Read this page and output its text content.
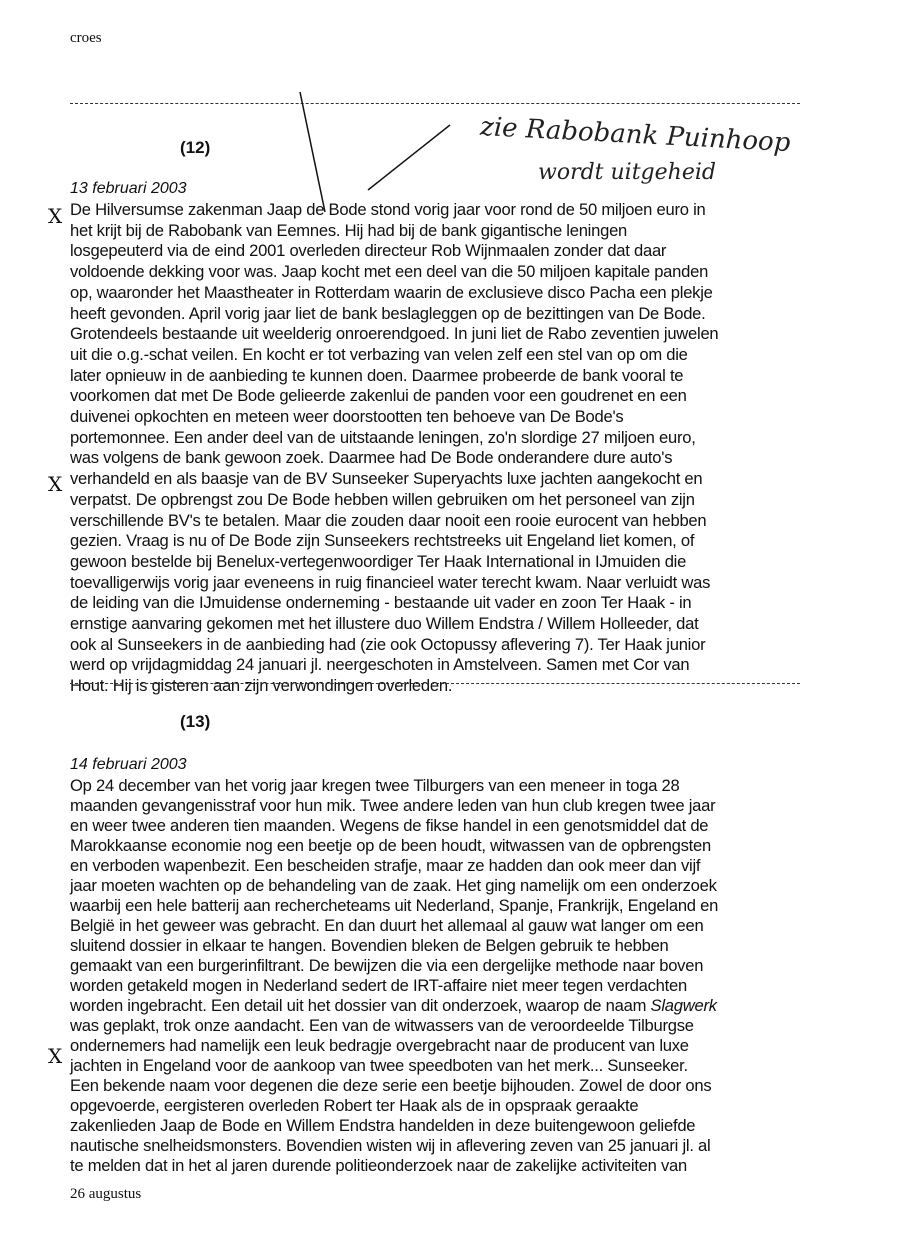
croes
zie Rabobank Puinhoop
wordt uitgeheid
(12)
13 februari 2003
De Hilversumse zakenman Jaap de Bode stond vorig jaar voor rond de 50 miljoen euro in
het krijt bij de Rabobank van Eemnes. Hij had bij de bank gigantische leningen
losgepeuterd via de eind 2001 overleden directeur Rob Wijnmaalen zonder dat daar
voldoende dekking voor was. Jaap kocht met een deel van die 50 miljoen kapitale panden
op, waaronder het Maastheater in Rotterdam waarin de exclusieve disco Pacha een plekje
heeft gevonden. April vorig jaar liet de bank beslagleggen op de bezittingen van De Bode.
Grotendeels bestaande uit weelderig onroerendgoed. In juni liet de Rabo zeventien juwelen
uit die o.g.-schat veilen. En kocht er tot verbazing van velen zelf een stel van op om die
later opnieuw in de aanbieding te kunnen doen. Daarmee probeerde de bank vooral te
voorkomen dat met De Bode gelieerde zakenlui de panden voor een goudrenet en een
duivenei opkochten en meteen weer doorstootten ten behoeve van De Bode's
portemonnee. Een ander deel van de uitstaande leningen, zo'n slordige 27 miljoen euro,
was volgens de bank gewoon zoek. Daarmee had De Bode onderandere dure auto's
verhandeld en als baasje van de BV Sunseeker Superyachts luxe jachten aangekocht en
verpatst. De opbrengst zou De Bode hebben willen gebruiken om het personeel van zijn
verschillende BV's te betalen. Maar die zouden daar nooit een rooie eurocent van hebben
gezien. Vraag is nu of De Bode zijn Sunseekers rechtstreeks uit Engeland liet komen, of
gewoon bestelde bij Benelux-vertegenwoordiger Ter Haak International in IJmuiden die
toevalligerwijs vorig jaar eveneens in ruig financieel water terecht kwam. Naar verluidt was
de leiding van die IJmuidense onderneming - bestaande uit vader en zoon Ter Haak - in
ernstige aanvaring gekomen met het illustere duo Willem Endstra / Willem Holleeder, dat
ook al Sunseekers in de aanbieding had (zie ook Octopussy aflevering 7). Ter Haak junior
werd op vrijdagmiddag 24 januari jl. neergeschoten in Amstelveen. Samen met Cor van
Hout. Hij is gisteren aan zijn verwondingen overleden.
X
X
(13)
14 februari 2003
Op 24 december van het vorig jaar kregen twee Tilburgers van een meneer in toga 28
maanden gevangenisstraf voor hun mik. Twee andere leden van hun club kregen twee jaar
en weer twee anderen tien maanden. Wegens de fikse handel in een genotsmiddel dat de
Marokkaanse economie nog een beetje op de been houdt, witwassen van de opbrengsten
en verboden wapenbezit. Een bescheiden strafje, maar ze hadden dan ook meer dan vijf
jaar moeten wachten op de behandeling van de zaak. Het ging namelijk om een onderzoek
waarbij een hele batterij aan rechercheteams uit Nederland, Spanje, Frankrijk, Engeland en
België in het geweer was gebracht. En dan duurt het allemaal al gauw wat langer om een
sluitend dossier in elkaar te hangen. Bovendien bleken de Belgen gebruik te hebben
gemaakt van een burgerinfiltrant. De bewijzen die via een dergelijke methode naar boven
worden getakeld mogen in Nederland sedert de IRT-affaire niet meer tegen verdachten
worden ingebracht. Een detail uit het dossier van dit onderzoek, waarop de naam Slagwerk
was geplakt, trok onze aandacht. Een van de witwassers van de veroordeelde Tilburgse
ondernemers had namelijk een leuk bedragje overgebracht naar de producent van luxe
jachten in Engeland voor de aankoop van twee speedboten van het merk... Sunseeker.
Een bekende naam voor degenen die deze serie een beetje bijhouden. Zowel de door ons
opgevoerde, eergisteren overleden Robert ter Haak als de in opspraak geraakte
zakenlieden Jaap de Bode en Willem Endstra handelden in deze buitengewoon geliefde
nautische snelheidsmonsters. Bovendien wisten wij in aflevering zeven van 25 januari jl. al
te melden dat in het al jaren durende politieonderzoek naar de zakelijke activiteiten van
X
26 augustus
